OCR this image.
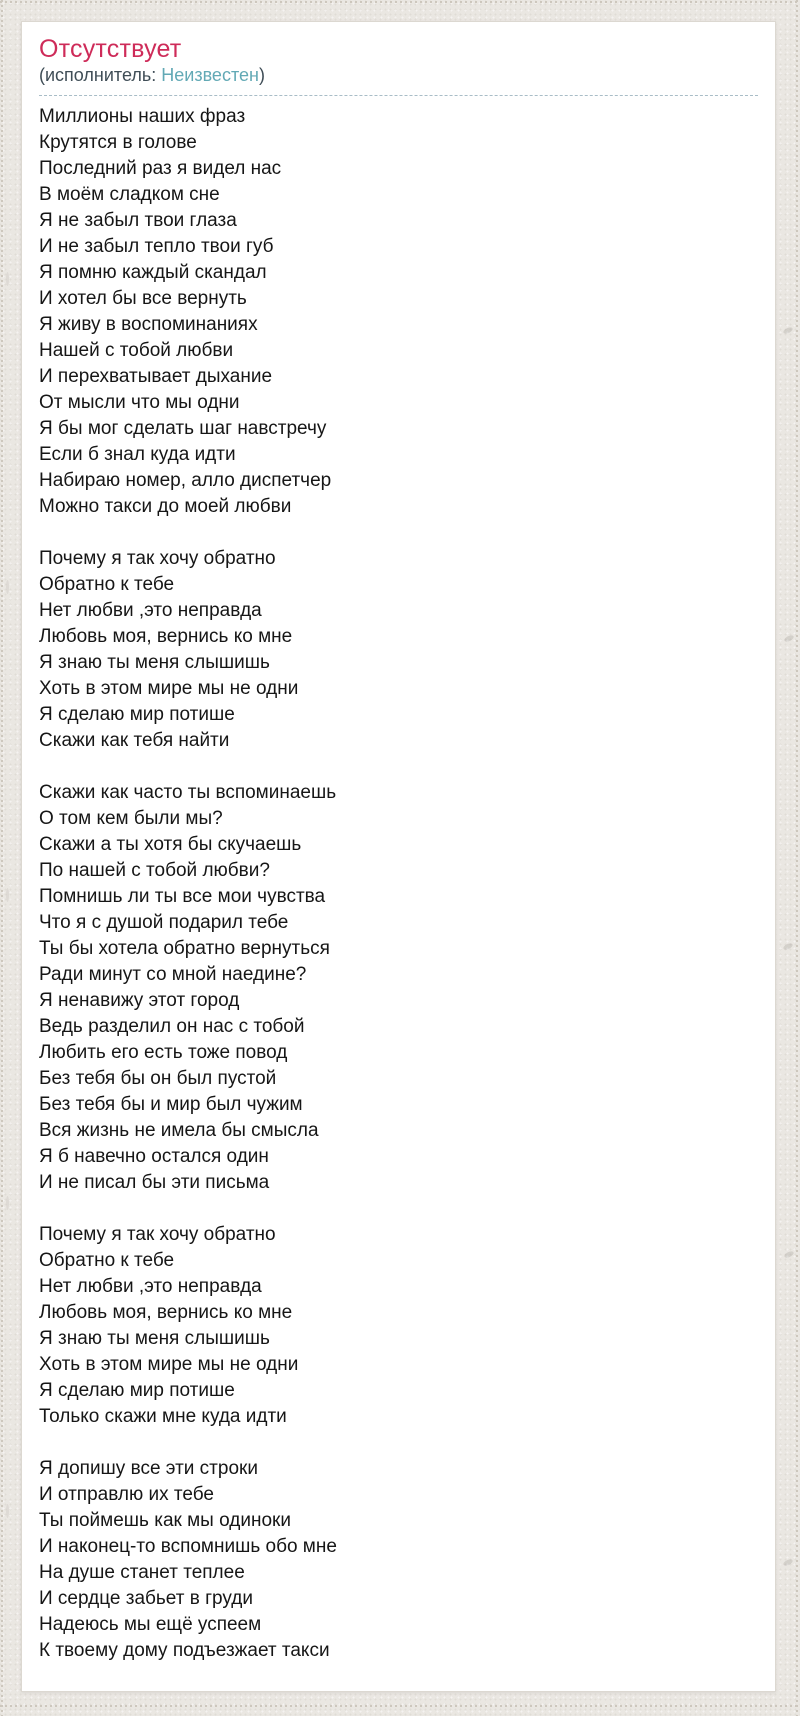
Отсутствует

(исполнитель: Неизвестен)

Миллионы наших фраз
Крутятся в голове
Последний раз я видел нас
В моём сладком сне
Я не забыл твои глаза
И не забыл тепло твои губ
Я помню каждый скандал
И хотел бы все вернуть
Я живу в воспоминаниях
Нашей с тобой любви
И перехватывает дыхание
От мысли что мы одни
Я бы мог сделать шаг навстречу
Если б знал куда идти
Набираю номер, алло диспетчер
Можно такси до моей любви
Почему я так хочу обратно
Обратно к тебе
Нет любви ,это неправда
Любовь моя, вернись ко мне
Я знаю ты меня слышишь
Хоть в этом мире мы не одни
Я сделаю мир потише
Скажи как тебя найти
Скажи как часто ты вспоминаешь
О том кем были мы?
Скажи а ты хотя бы скучаешь
По нашей с тобой любви?
Помнишь ли ты все мои чувства
Что я с душой подарил тебе
Ты бы хотела обратно вернуться
Ради минут со мной наедине?
Я ненавижу этот город
Ведь разделил он нас с тобой
Любить его есть тоже повод
Без тебя бы он был пустой
Без тебя бы и мир был чужим
Вся жизнь не имела бы смысла
Я б навечно остался один
И не писал бы эти письма
Почему я так хочу обратно
Обратно к тебе
Нет любви ,это неправда
Любовь моя, вернись ко мне
Я знаю ты меня слышишь
Хоть в этом мире мы не одни
Я сделаю мир потише
Только скажи мне куда идти
Я допишу все эти строки
И отправлю их тебе
Ты поймешь как мы одиноки
И наконец-то вспомнишь обо мне
На душе станет теплее
И сердце забьет в груди
Надеюсь мы ещё успеем
К твоему дому подъезжает такси
